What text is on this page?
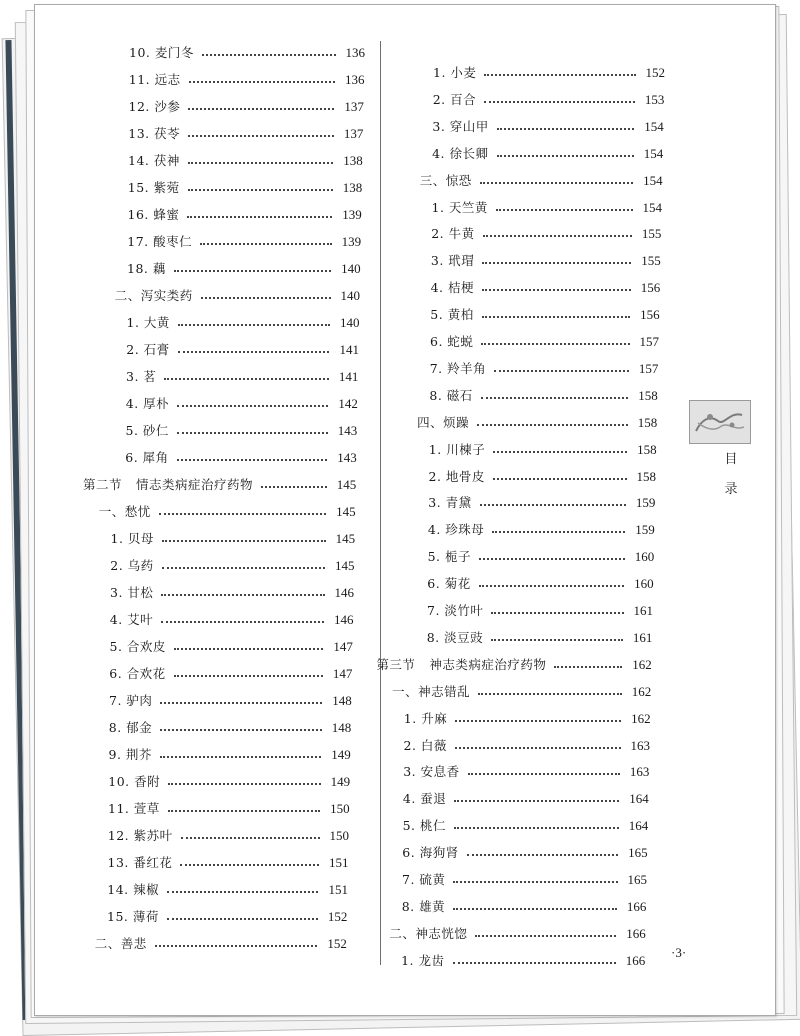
10. 麦门冬	136
11. 远志	136
12. 沙参	137
13. 茯苓	137
14. 茯神	138
15. 紫菀	138
16. 蜂蜜	139
17. 酸枣仁	139
18. 藕	140
二、泻实类药	140
1. 大黄	140
2. 石膏	141
3. 茗	141
4. 厚朴	142
5. 砂仁	143
6. 犀角	143
第二节 情志类病症治疗药物	145
一、愁忧	145
1. 贝母	145
2. 乌药	145
3. 甘松	146
4. 艾叶	146
5. 合欢皮	147
6. 合欢花	147
7. 驴肉	148
8. 郁金	148
9. 荆芥	149
10. 香附	149
11. 萱草	150
12. 紫苏叶	150
13. 番红花	151
14. 辣椒	151
15. 薄荷	152
二、善悲	152
1. 小麦	152
2. 百合	153
3. 穿山甲	154
4. 徐长卿	154
三、惊恐	154
1. 天竺黄	154
2. 牛黄	155
3. 玳瑁	155
4. 桔梗	156
5. 黄柏	156
6. 蛇蜕	157
7. 羚羊角	157
8. 磁石	158
四、烦躁	158
1. 川楝子	158
2. 地骨皮	158
3. 青黛	159
4. 珍珠母	159
5. 栀子	160
6. 菊花	160
7. 淡竹叶	161
8. 淡豆豉	161
第三节 神志类病症治疗药物	162
一、神志错乱	162
1. 升麻	162
2. 白薇	163
3. 安息香	163
4. 蚕退	164
5. 桃仁	164
6. 海狗肾	165
7. 硫黄	165
8. 雄黄	166
二、神志恍惚	166
1. 龙齿	166
目
录
·3·
